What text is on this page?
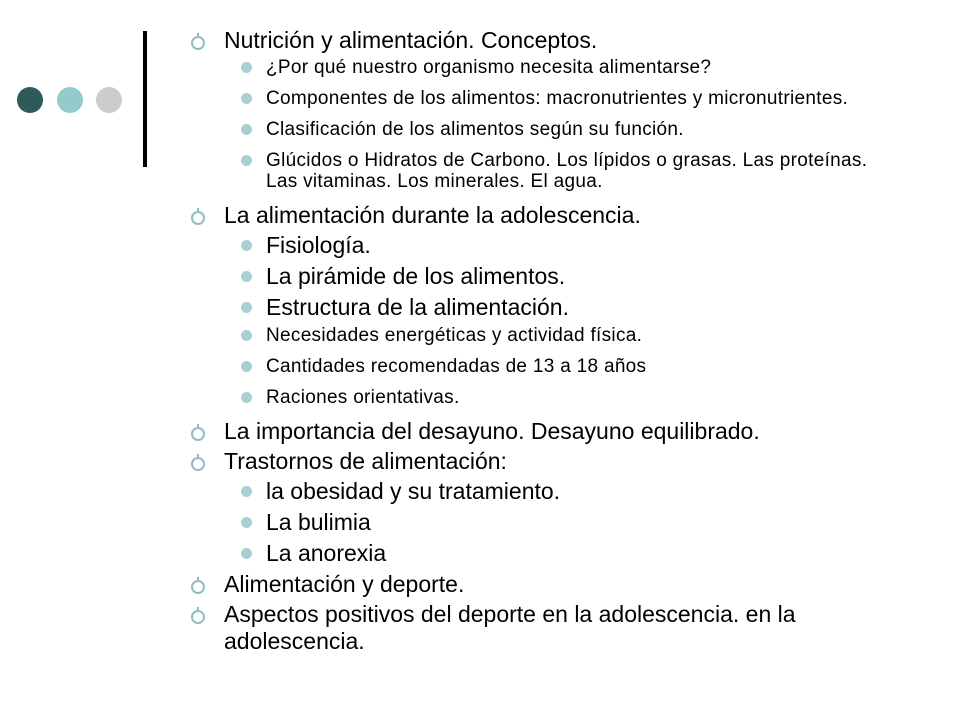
Nutrición y alimentación. Conceptos.
¿Por qué nuestro organismo necesita alimentarse?
Componentes de los alimentos: macronutrientes y micronutrientes.
Clasificación de los alimentos según su función.
Glúcidos o Hidratos de Carbono. Los lípidos o grasas. Las proteínas. Las vitaminas. Los minerales. El agua.
La alimentación durante la adolescencia.
Fisiología.
La pirámide de los alimentos.
Estructura de la alimentación.
Necesidades energéticas y actividad física.
Cantidades recomendadas de 13 a 18 años
Raciones orientativas.
La importancia del desayuno. Desayuno equilibrado.
Trastornos de alimentación:
la obesidad y su tratamiento.
La bulimia
La anorexia
Alimentación y deporte.
Aspectos positivos del deporte en la adolescencia. en la adolescencia.
